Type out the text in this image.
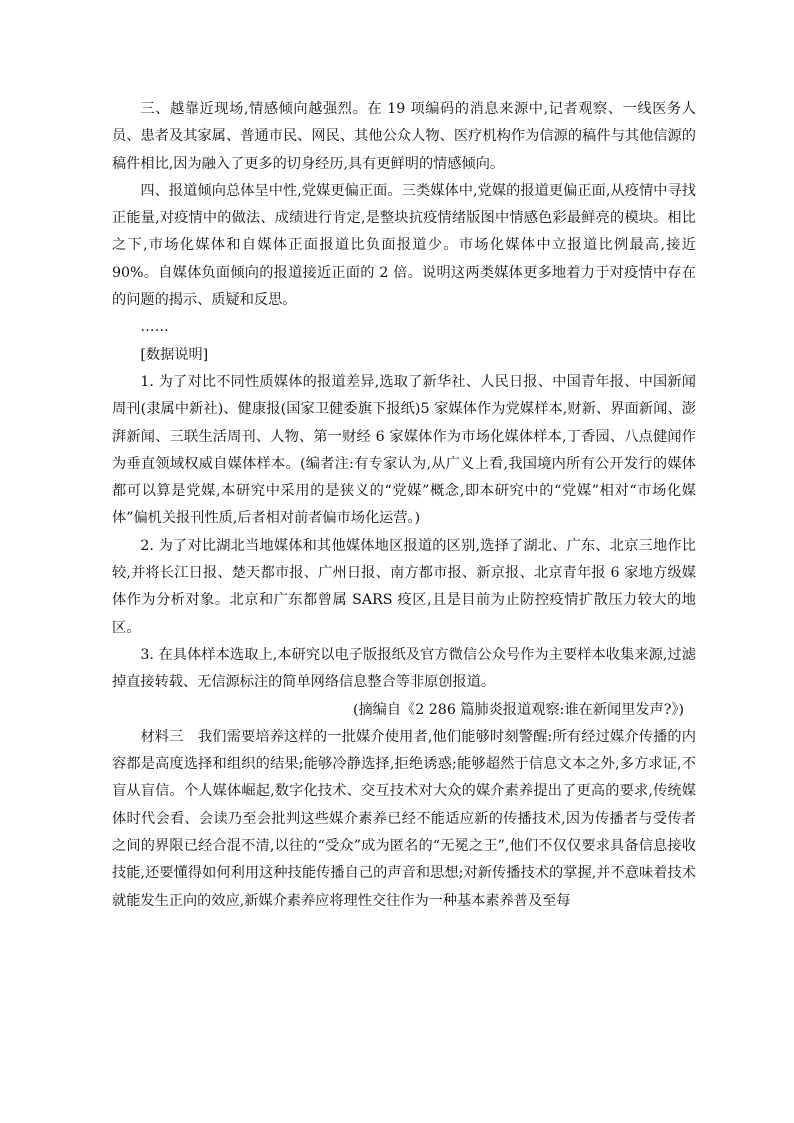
三、越靠近现场,情感倾向越强烈。在 19 项编码的消息来源中,记者观察、一线医务人员、患者及其家属、普通市民、网民、其他公众人物、医疗机构作为信源的稿件与其他信源的稿件相比,因为融入了更多的切身经历,具有更鲜明的情感倾向。

四、报道倾向总体呈中性,党媒更偏正面。三类媒体中,党媒的报道更偏正面,从疫情中寻找正能量,对疫情中的做法、成绩进行肯定,是整块抗疫情绪版图中情感色彩最鲜亮的模块。相比之下,市场化媒体和自媒体正面报道比负面报道少。市场化媒体中立报道比例最高,接近 90%。自媒体负面倾向的报道接近正面的 2 倍。说明这两类媒体更多地着力于对疫情中存在的问题的揭示、质疑和反思。

……

[数据说明]

1. 为了对比不同性质媒体的报道差异,选取了新华社、人民日报、中国青年报、中国新闻周刊(隶属中新社)、健康报(国家卫健委旗下报纸)5 家媒体作为党媒样本,财新、界面新闻、澎湃新闻、三联生活周刊、人物、第一财经 6 家媒体作为市场化媒体样本,丁香园、八点健闻作为垂直领域权威自媒体样本。(编者注:有专家认为,从广义上看,我国境内所有公开发行的媒体都可以算是党媒,本研究中采用的是狭义的“党媒”概念,即本研究中的“党媒”相对“市场化媒体”偏机关报刊性质,后者相对前者偏市场化运营。)

2. 为了对比湖北当地媒体和其他媒体地区报道的区别,选择了湖北、广东、北京三地作比较,并将长江日报、楚天都市报、广州日报、南方都市报、新京报、北京青年报 6 家地方级媒体作为分析对象。北京和广东都曾属 SARS 疫区,且是目前为止防控疫情扩散压力较大的地区。

3. 在具体样本选取上,本研究以电子版报纸及官方微信公众号作为主要样本收集来源,过滤掉直接转载、无信源标注的简单网络信息整合等非原创报道。

(摘编自《2 286 篇肺炎报道观察:谁在新闻里发声?》)

材料三　我们需要培养这样的一批媒介使用者,他们能够时刻警醒:所有经过媒介传播的内容都是高度选择和组织的结果;能够冷静选择,拒绝诱惑;能够超然于信息文本之外,多方求证,不盲从盲信。个人媒体崛起,数字化技术、交互技术对大众的媒介素养提出了更高的要求,传统媒体时代会看、会读乃至会批判这些媒介素养已经不能适应新的传播技术,因为传播者与受传者之间的界限已经合混不清,以往的“受众”成为匿名的“无冕之王”,他们不仅仅要求具备信息接收技能,还要懂得如何利用这种技能传播自己的声音和思想;对新传播技术的掌握,并不意味着技术就能发生正向的效应,新媒介素养应将理性交往作为一种基本素养普及至每
